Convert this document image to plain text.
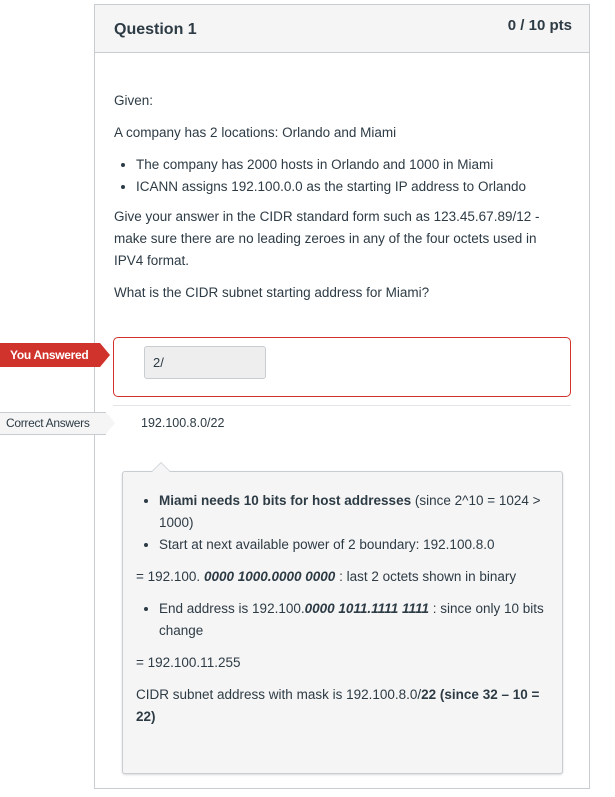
Question 1	0 / 10 pts

Given:

A company has 2 locations: Orlando and Miami

• The company has 2000 hosts in Orlando and 1000 in Miami
• ICANN assigns 192.100.0.0 as the starting IP address to Orlando

Give your answer in the CIDR standard form such as 123.45.67.89/12 - make sure there are no leading zeroes in any of the four octets used in IPV4 format.

What is the CIDR subnet starting address for Miami?

You Answered	2/
Correct Answers	192.100.8.0/22
• Miami needs 10 bits for host addresses (since 2^10 = 1024 > 1000)
• Start at next available power of 2 boundary: 192.100.8.0

= 192.100. 0000 1000.0000 0000 : last 2 octets shown in binary

• End address is 192.100.0000 1011.1111 1111 : since only 10 bits change

= 192.100.11.255

CIDR subnet address with mask is 192.100.8.0/22 (since 32 – 10 = 22)
